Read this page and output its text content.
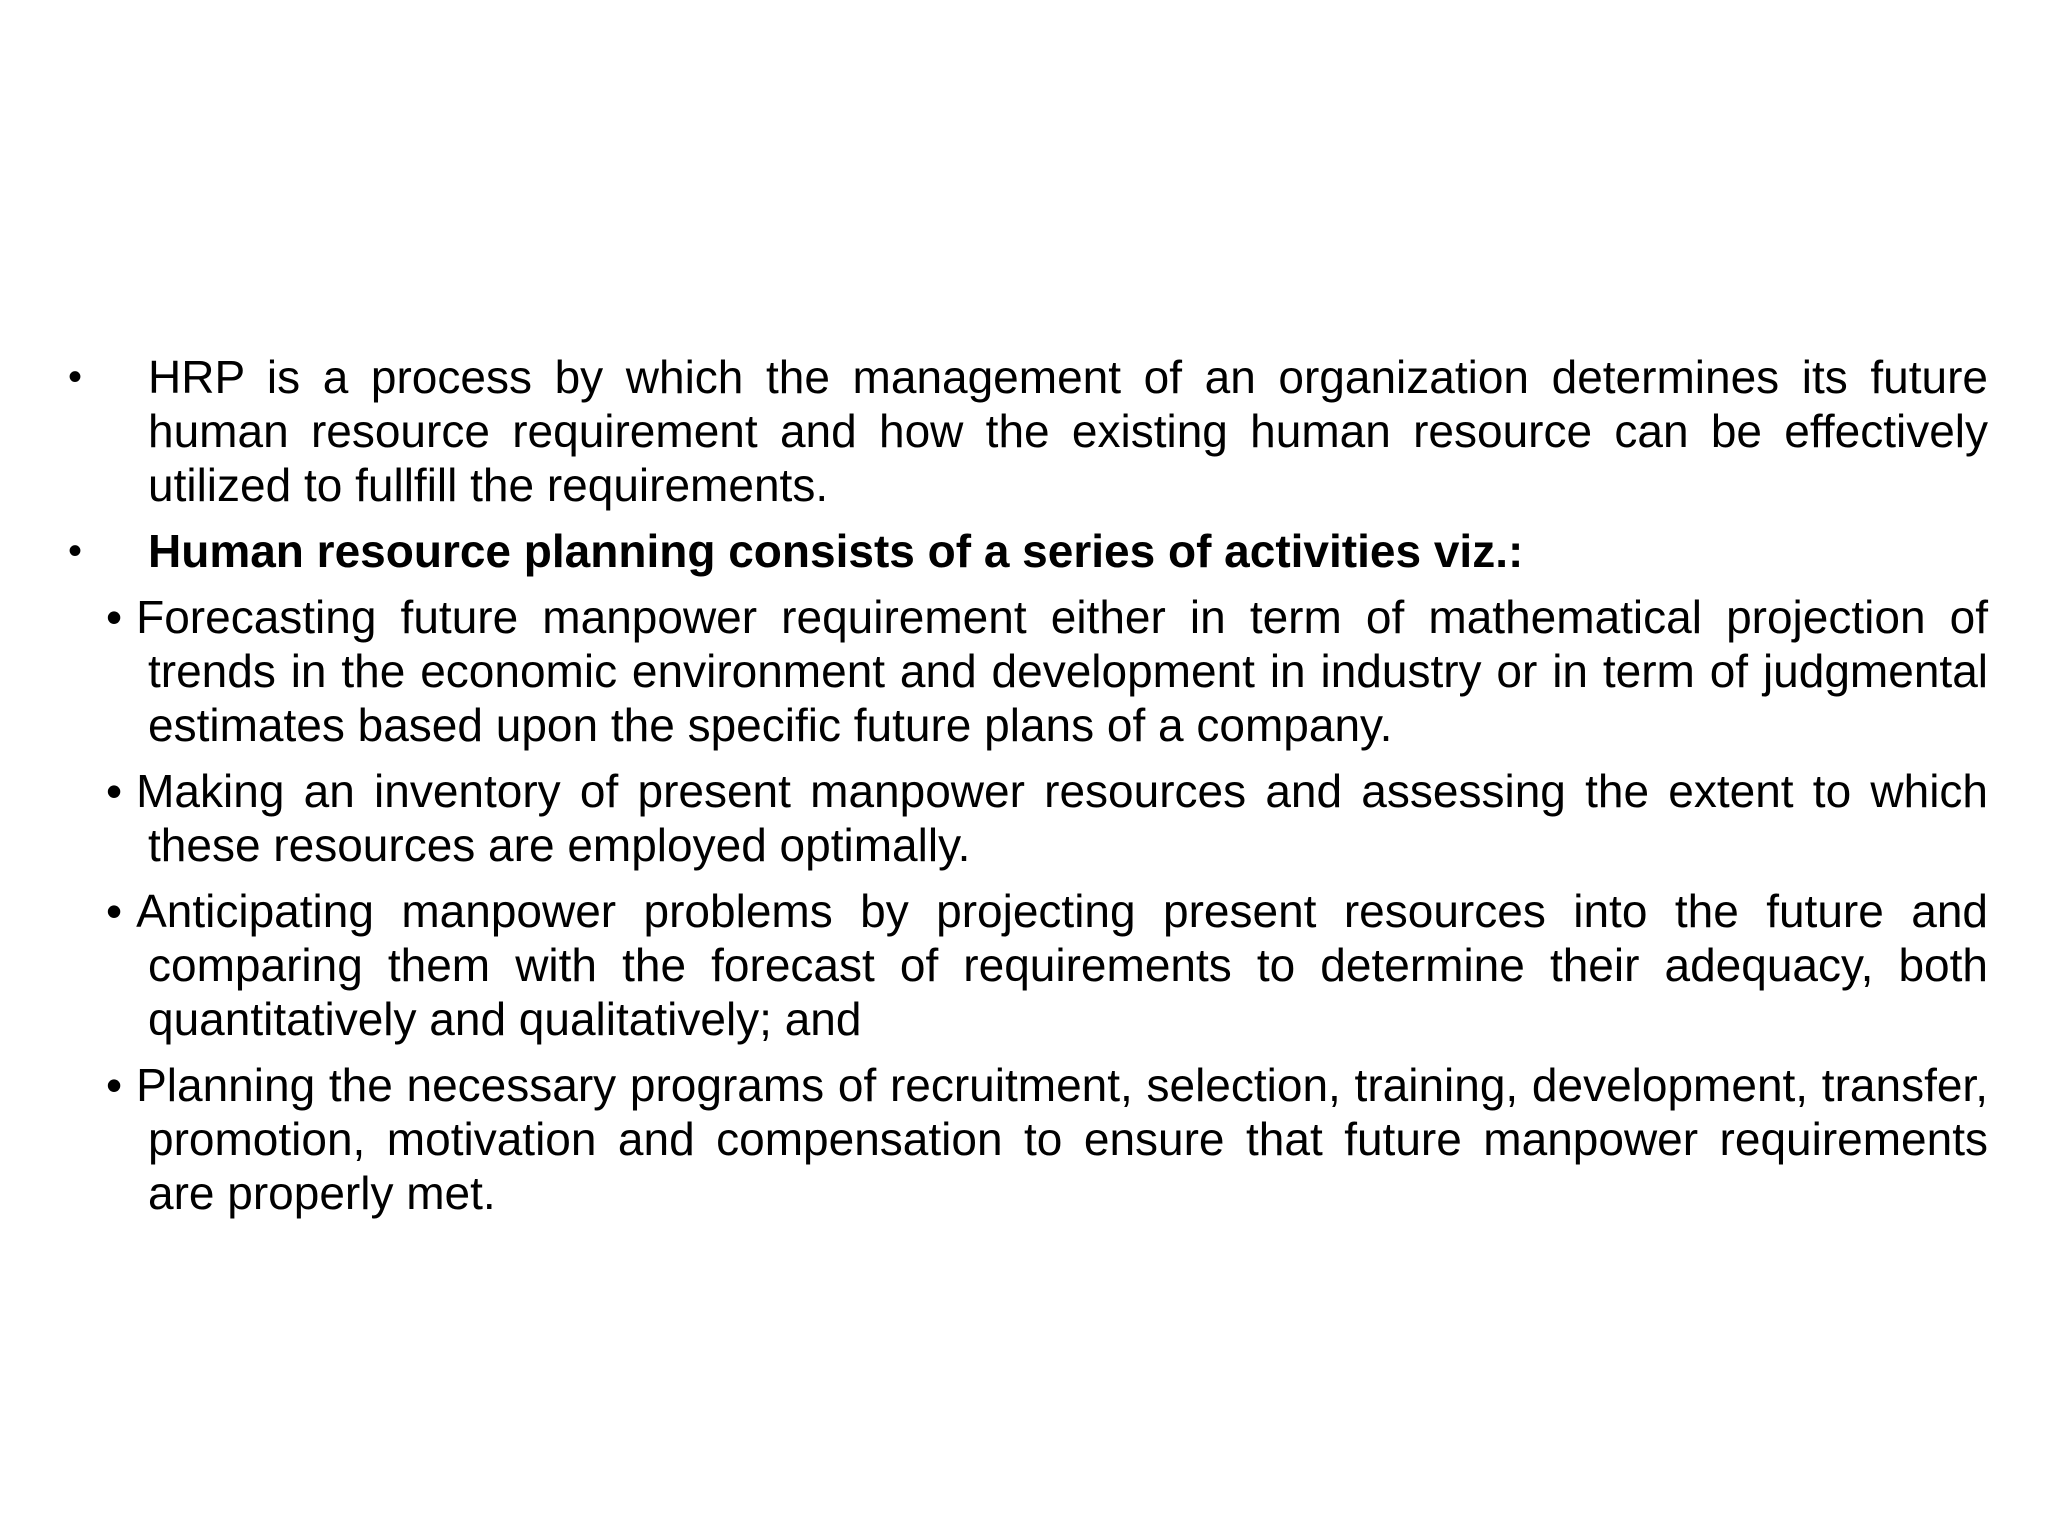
•	HRP is a process by which the management of an organization determines its future human resource requirement and how the existing human resource can be effectively utilized to fullfill the requirements.

•	Human resource planning consists of a series of activities viz.:

• Forecasting future manpower requirement either in term of mathematical projection of trends in the economic environment and development in industry or in term of judgmental estimates based upon the specific future plans of a company.

• Making an inventory of present manpower resources and assessing the extent to which these resources are employed optimally.

• Anticipating manpower problems by projecting present resources into the future and comparing them with the forecast of requirements to determine their adequacy, both quantitatively and qualitatively; and

• Planning the necessary programs of recruitment, selection, training, development, transfer, promotion, motivation and compensation to ensure that future manpower requirements are properly met.
